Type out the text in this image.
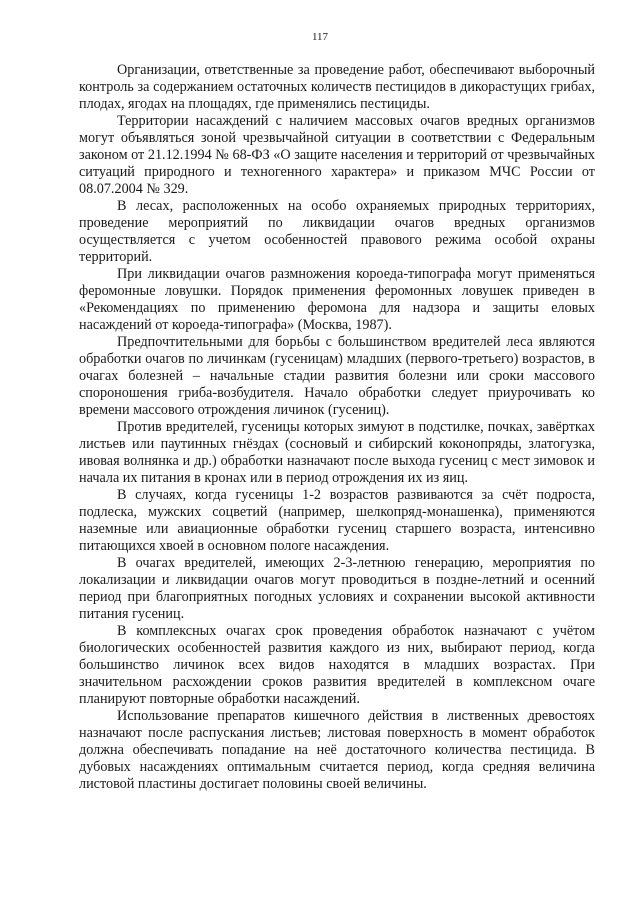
117

Организации, ответственные за проведение работ, обеспечивают выборочный контроль за содержанием остаточных количеств пестицидов в дикорастущих грибах, плодах, ягодах на площадях, где применялись пестициды.

Территории насаждений с наличием массовых очагов вредных организмов могут объявляться зоной чрезвычайной ситуации в соответствии с Федеральным законом от 21.12.1994 № 68-ФЗ «О защите населения и территорий от чрезвычайных ситуаций природного и техногенного характера» и приказом МЧС России от 08.07.2004 № 329.

В лесах, расположенных на особо охраняемых природных территориях, проведение мероприятий по ликвидации очагов вредных организмов осуществляется с учетом особенностей правового режима особой охраны территорий.

При ликвидации очагов размножения короеда-типографа могут применяться феромонные ловушки. Порядок применения феромонных ловушек приведен в «Рекомендациях по применению феромона для надзора и защиты еловых насаждений от короеда-типографа» (Москва, 1987).

Предпочтительными для борьбы с большинством вредителей леса являются обработки очагов по личинкам (гусеницам) младших (первого-третьего) возрастов, в очагах болезней – начальные стадии развития болезни или сроки массового спороношения гриба-возбудителя. Начало обработки следует приурочивать ко времени массового отрождения личинок (гусениц).

Против вредителей, гусеницы которых зимуют в подстилке, почках, завёртках листьев или паутинных гнёздах (сосновый и сибирский коконопряды, златогузка, ивовая волнянка и др.) обработки назначают после выхода гусениц с мест зимовок и начала их питания в кронах или в период отрождения их из яиц.

В случаях, когда гусеницы 1-2 возрастов развиваются за счёт подроста, подлеска, мужских соцветий (например, шелкопряд-монашенка), применяются наземные или авиационные обработки гусениц старшего возраста, интенсивно питающихся хвоей в основном пологе насаждения.

В очагах вредителей, имеющих 2-3-летнюю генерацию, мероприятия по локализации и ликвидации очагов могут проводиться в поздне-летний и осенний период при благоприятных погодных условиях и сохранении высокой активности питания гусениц.

В комплексных очагах срок проведения обработок назначают с учётом биологических особенностей развития каждого из них, выбирают период, когда большинство личинок всех видов находятся в младших возрастах. При значительном расхождении сроков развития вредителей в комплексном очаге планируют повторные обработки насаждений.

Использование препаратов кишечного действия в лиственных древостоях назначают после распускания листьев; листовая поверхность в момент обработок должна обеспечивать попадание на неё достаточного количества пестицида. В дубовых насаждениях оптимальным считается период, когда средняя величина листовой пластины достигает половины своей величины.
